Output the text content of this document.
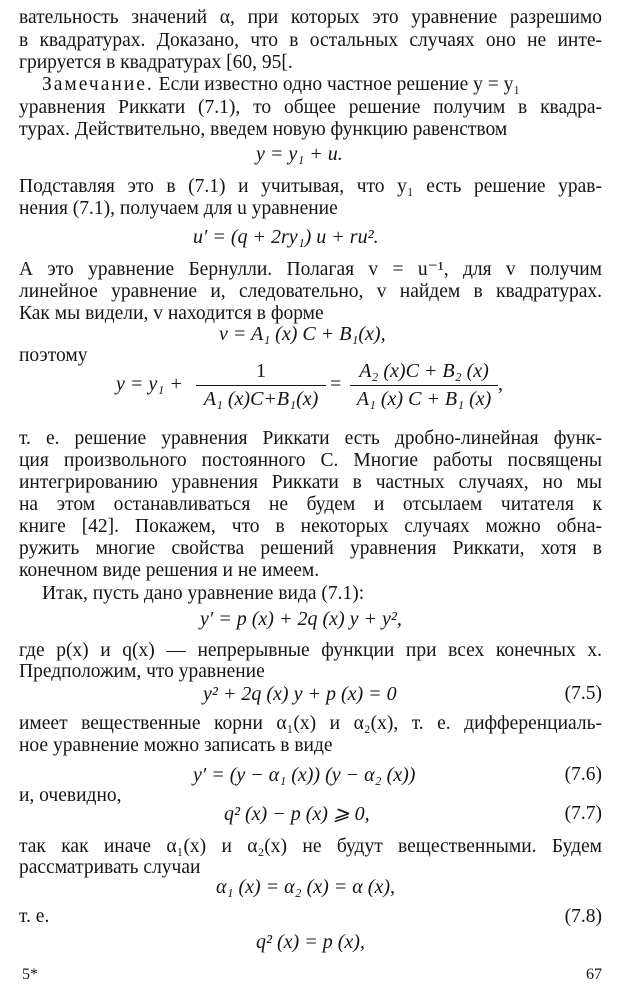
вательность значений α, при которых это уравнение разрешимо
в квадратурах. Доказано, что в остальных случаях оно не инте-
грируется в квадратурах [60, 95[.
Замечание. Если известно одно частное решение y = y₁
уравнения Риккати (7.1), то общее решение получим в квадра-
турах. Действительно, введем новую функцию равенством
y = y₁ + u.
Подставляя это в (7.1) и учитывая, что y₁ есть решение урав-
нения (7.1), получаем для u уравнение
u′ = (q + 2ry₁) u + ru².
А это уравнение Бернулли. Полагая v = u⁻¹, для v получим
линейное уравнение и, следовательно, v найдем в квадратурах.
Как мы видели, v находится в форме
v = A₁ (x) C + B₁(x),
поэтому
y = y₁ +
1
A₁ (x)C+B₁(x)
=
A₂ (x)C + B₂ (x)
A₁ (x) C + B₁ (x)
,
т. е. решение уравнения Риккати есть дробно-линейная функ-
ция произвольного постоянного C. Многие работы посвящены
интегрированию уравнения Риккати в частных случаях, но мы
на этом останавливаться не будем и отсылаем читателя к
книге [42]. Покажем, что в некоторых случаях можно обна-
ружить многие свойства решений уравнения Риккати, хотя в
конечном виде решения и не имеем.
Итак, пусть дано уравнение вида (7.1):
y′ = p (x) + 2q (x) y + y²,
где p(x) и q(x) — непрерывные функции при всех конечных x.
Предположим, что уравнение
y² + 2q (x) y + p (x) = 0	(7.5)
имеет вещественные корни α₁(x) и α₂(x), т. е. дифференциаль-
ное уравнение можно записать в виде
y′ = (y − α₁ (x)) (y − α₂ (x))	(7.6)
и, очевидно,
q² (x) − p (x) ⩾ 0,	(7.7)
так как иначе α₁(x) и α₂(x) не будут вещественными. Будем
рассматривать случаи
α₁ (x) = α₂ (x) = α (x),
т. е.	(7.8)
q² (x) = p (x),
5*	67
